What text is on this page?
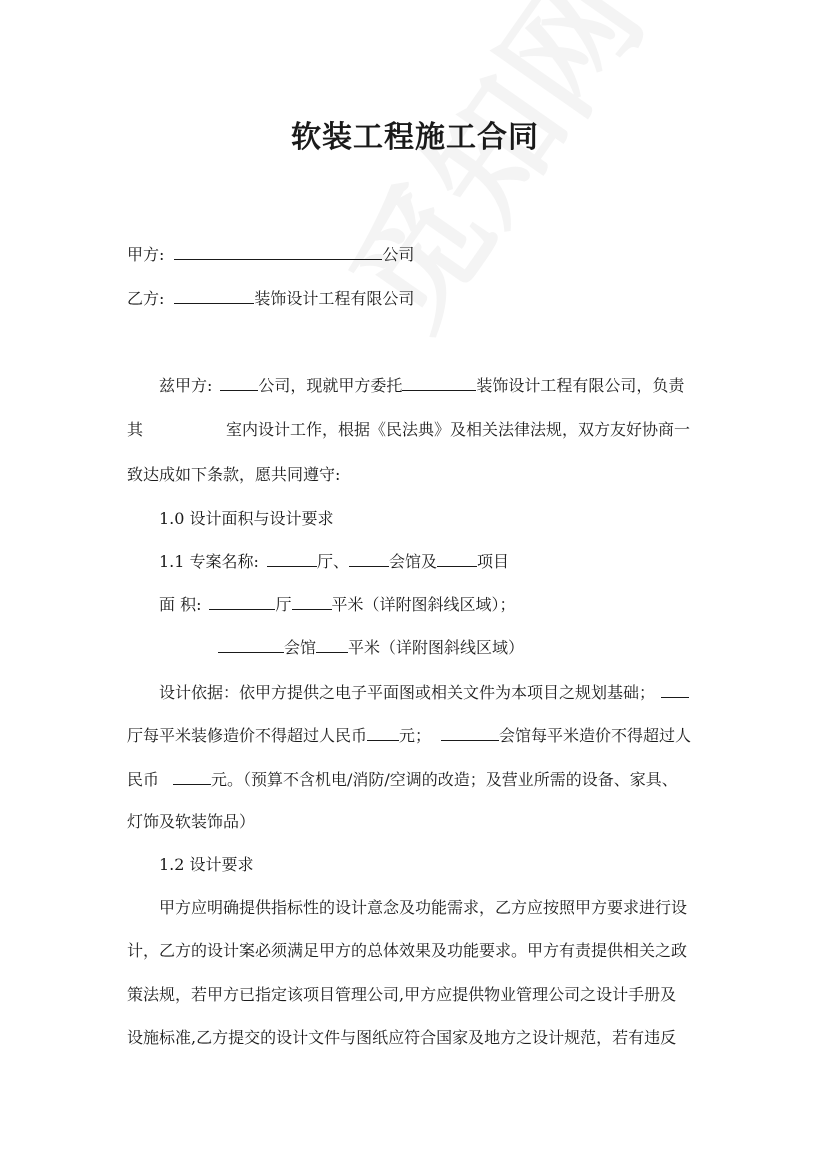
软装工程施工合同
甲方:	公司
乙方:	装饰设计工程有限公司
兹甲方:	公司，现就甲方委托	装饰设计工程有限公司，负责
其	室内设计工作，根据《民法典》及相关法律法规，双方友好协商一
致达成如下条款，愿共同遵守:
1.0 设计面积与设计要求
1.1 专案名称:	厅、	会馆及	项目
面 积:	厅	平米（详附图斜线区域）；
会馆 平米（详附图斜线区域）
设计依据：依甲方提供之电子平面图或相关文件为本项目之规划基础；
厅每平米装修造价不得超过人民币 元；	会馆每平米造价不得超过人
民币	元。（预算不含机电/消防/空调的改造；及营业所需的设备、家具、
灯饰及软装饰品）
1.2 设计要求
甲方应明确提供指标性的设计意念及功能需求，乙方应按照甲方要求进行设
计，乙方的设计案必须满足甲方的总体效果及功能要求。甲方有责提供相关之政
策法规，若甲方已指定该项目管理公司,甲方应提供物业管理公司之设计手册及
设施标准,乙方提交的设计文件与图纸应符合国家及地方之设计规范，若有违反
